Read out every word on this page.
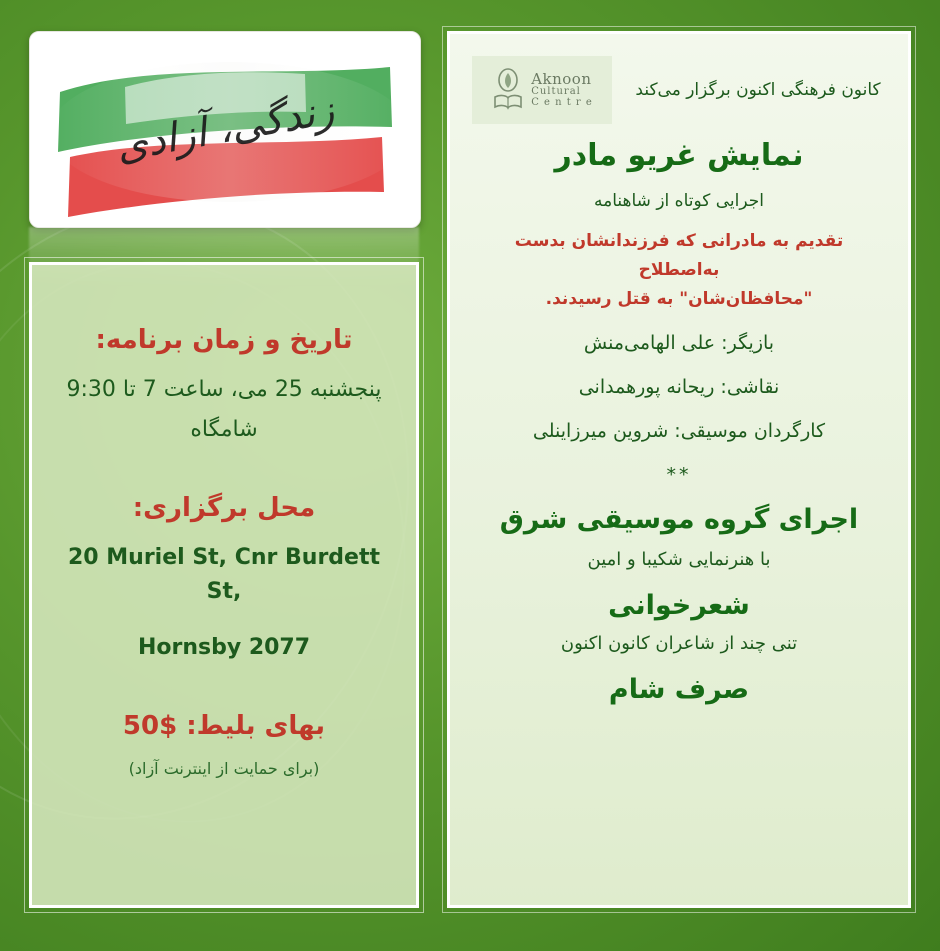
زندگی، آزادی
تاریخ و زمان برنامه:
پنجشنبه 25 می، ساعت 7 تا 9:30
شامگاه
محل برگزاری:
20 Muriel St, Cnr Burdett St,
Hornsby 2077
بهای بلیط: $50
(برای حمایت از اینترنت آزاد)
Aknoon
Cultural
C e n t r e
کانون فرهنگی اکنون برگزار می‌کند
نمایش غریو مادر
اجرایی کوتاه از شاهنامه
تقدیم به مادرانی که فرزندانشان بدست به‌اصطلاح
"محافظان‌شان" به قتل رسیدند.
بازیگر: علی الهامی‌منش
نقاشی: ریحانه پورهمدانی
کارگردان موسیقی: شروین میرزاینلی
**
اجرای گروه موسیقی شرق
با هنرنمایی شکیبا و امین
شعرخوانی
تنی چند از شاعران کانون اکنون
صرف شام
